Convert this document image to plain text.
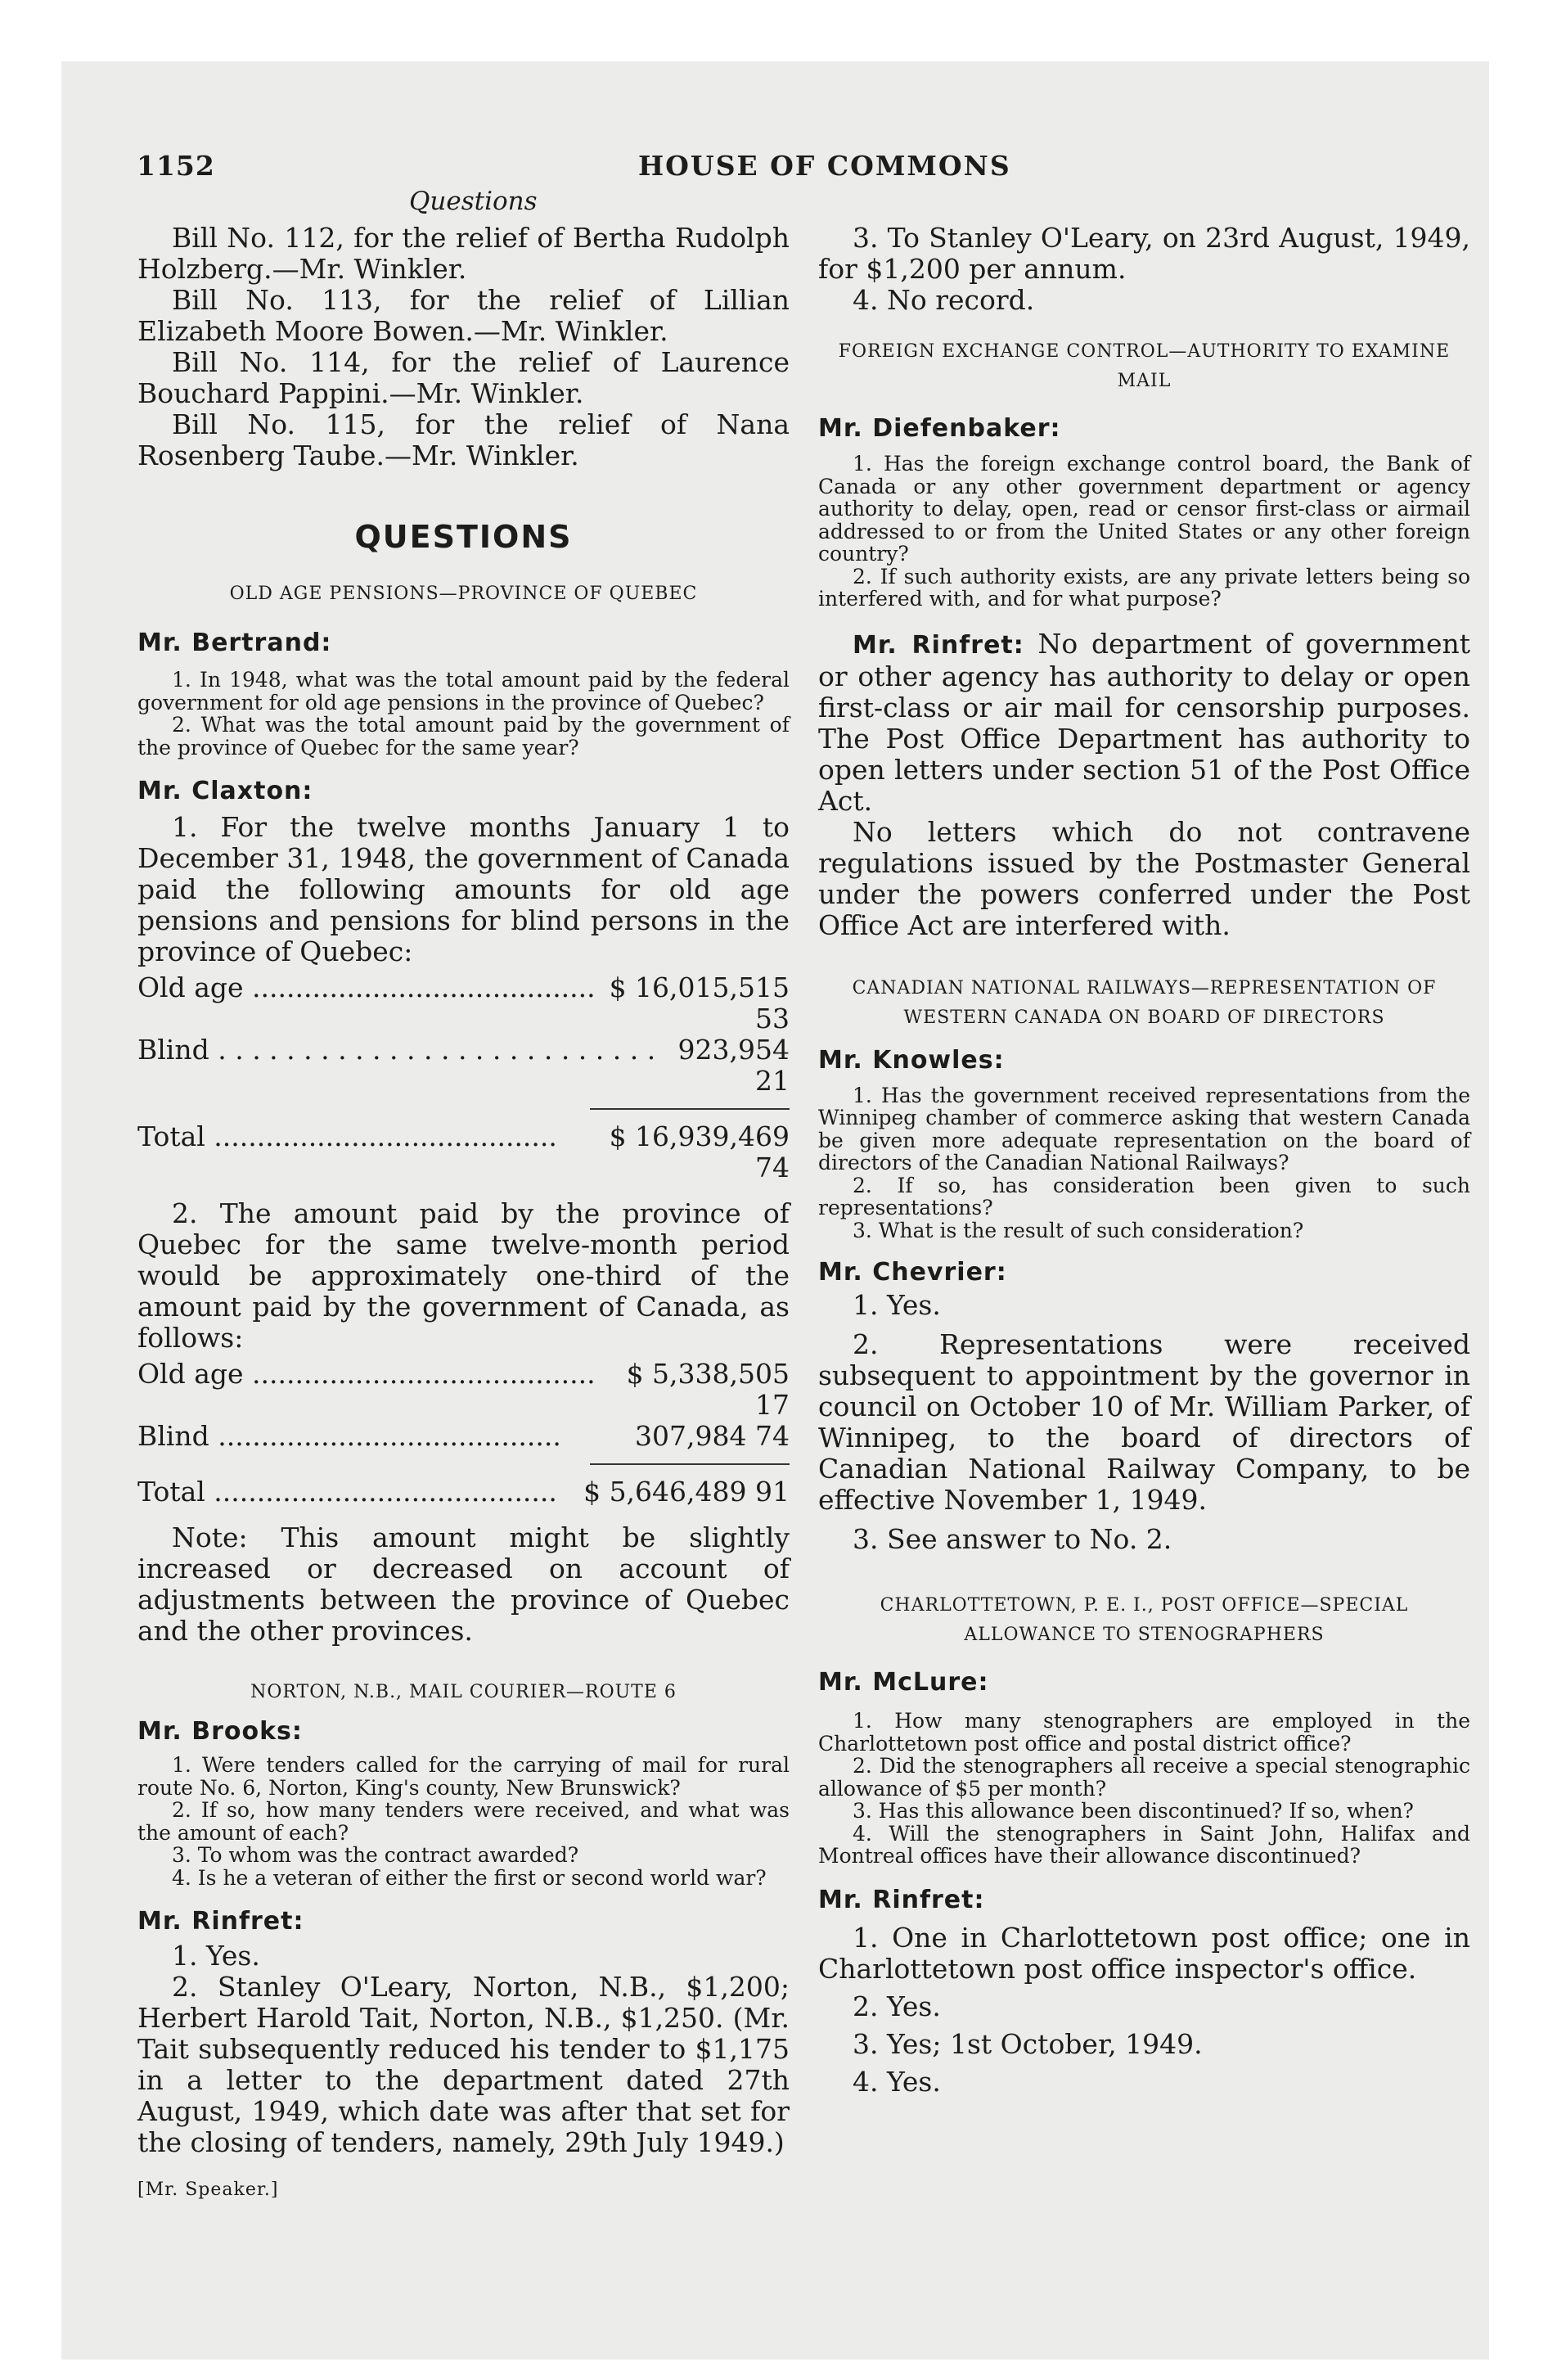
1152	HOUSE OF COMMONS
Questions

Bill No. 112, for the relief of Bertha Rudolph Holzberg.—Mr. Winkler.

Bill No. 113, for the relief of Lillian Elizabeth Moore Bowen.—Mr. Winkler.

Bill No. 114, for the relief of Laurence Bouchard Pappini.—Mr. Winkler.

Bill No. 115, for the relief of Nana Rosenberg Taube.—Mr. Winkler.

QUESTIONS

OLD AGE PENSIONS—PROVINCE OF QUEBEC

Mr. Bertrand:

1. In 1948, what was the total amount paid by the federal government for old age pensions in the province of Quebec?

2. What was the total amount paid by the government of the province of Quebec for the same year?

Mr. Claxton:

1. For the twelve months January 1 to December 31, 1948, the government of Canada paid the following amounts for old age pensions and pensions for blind persons in the province of Quebec:

Old age ........................................ $ 16,015,515 53
Blind . . . . . . . . . . . . . . . . . . . . . . . . . . 923,954 21
Total ........................................	$ 16,939,469 74

2. The amount paid by the province of Quebec for the same twelve-month period would be approximately one-third of the amount paid by the government of Canada, as follows:

Old age ........................................	$ 5,338,505 17
Blind ........................................	307,984 74
Total ........................................ $ 5,646,489 91

Note: This amount might be slightly increased or decreased on account of adjustments between the province of Quebec and the other provinces.

NORTON, N.B., MAIL COURIER—ROUTE 6

Mr. Brooks:

1. Were tenders called for the carrying of mail for rural route No. 6, Norton, King's county, New Brunswick?

2. If so, how many tenders were received, and what was the amount of each?

3. To whom was the contract awarded?

4. Is he a veteran of either the first or second world war?

Mr. Rinfret:

1. Yes.

2. Stanley O'Leary, Norton, N.B., $1,200; Herbert Harold Tait, Norton, N.B., $1,250. (Mr. Tait subsequently reduced his tender to $1,175 in a letter to the department dated 27th August, 1949, which date was after that set for the closing of tenders, namely, 29th July 1949.)

[Mr. Speaker.]

3. To Stanley O'Leary, on 23rd August, 1949, for $1,200 per annum.

4. No record.

FOREIGN EXCHANGE CONTROL—AUTHORITY TO EXAMINE MAIL

Mr. Diefenbaker:

1. Has the foreign exchange control board, the Bank of Canada or any other government department or agency authority to delay, open, read or censor first-class or airmail addressed to or from the United States or any other foreign country?

2. If such authority exists, are any private letters being so interfered with, and for what purpose?

Mr. Rinfret: No department of government or other agency has authority to delay or open first-class or air mail for censorship purposes. The Post Office Department has authority to open letters under section 51 of the Post Office Act.

No letters which do not contravene regulations issued by the Postmaster General under the powers conferred under the Post Office Act are interfered with.

CANADIAN NATIONAL RAILWAYS—REPRESENTATION OF WESTERN CANADA ON BOARD OF DIRECTORS

Mr. Knowles:

1. Has the government received representations from the Winnipeg chamber of commerce asking that western Canada be given more adequate representation on the board of directors of the Canadian National Railways?

2. If so, has consideration been given to such representations?

3. What is the result of such consideration?

Mr. Chevrier:

1. Yes.

2. Representations were received subsequent to appointment by the governor in council on October 10 of Mr. William Parker, of Winnipeg, to the board of directors of Canadian National Railway Company, to be effective November 1, 1949.

3. See answer to No. 2.

CHARLOTTETOWN, P. E. I., POST OFFICE—SPECIAL ALLOWANCE TO STENOGRAPHERS

Mr. McLure:

1. How many stenographers are employed in the Charlottetown post office and postal district office?

2. Did the stenographers all receive a special stenographic allowance of $5 per month?

3. Has this allowance been discontinued? If so, when?

4. Will the stenographers in Saint John, Halifax and Montreal offices have their allowance discontinued?

Mr. Rinfret:

1. One in Charlottetown post office; one in Charlottetown post office inspector's office.

2. Yes.

3. Yes; 1st October, 1949.

4. Yes.
